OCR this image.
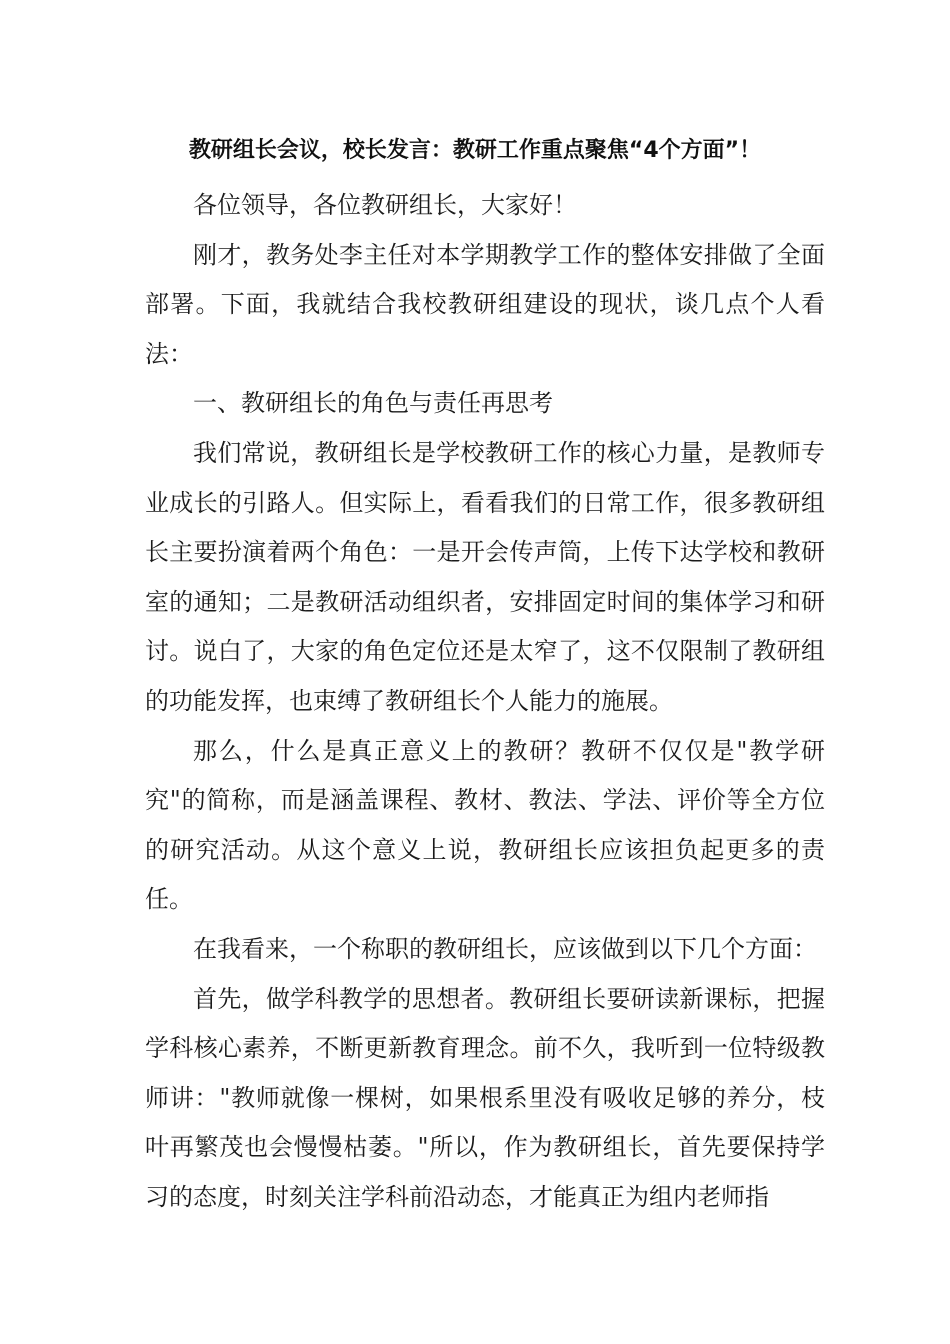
教研组长会议，校长发言：教研工作重点聚焦“4个方面”！

各位领导，各位教研组长，大家好！

刚才，教务处李主任对本学期教学工作的整体安排做了全面部署。下面，我就结合我校教研组建设的现状，谈几点个人看法：

一、教研组长的角色与责任再思考

我们常说，教研组长是学校教研工作的核心力量，是教师专业成长的引路人。但实际上，看看我们的日常工作，很多教研组长主要扮演着两个角色：一是开会传声筒，上传下达学校和教研室的通知；二是教研活动组织者，安排固定时间的集体学习和研讨。说白了，大家的角色定位还是太窄了，这不仅限制了教研组的功能发挥，也束缚了教研组长个人能力的施展。

那么，什么是真正意义上的教研？教研不仅仅是"教学研究"的简称，而是涵盖课程、教材、教法、学法、评价等全方位的研究活动。从这个意义上说，教研组长应该担负起更多的责任。

在我看来，一个称职的教研组长，应该做到以下几个方面：

首先，做学科教学的思想者。教研组长要研读新课标，把握学科核心素养，不断更新教育理念。前不久，我听到一位特级教师讲："教师就像一棵树，如果根系里没有吸收足够的养分，枝叶再繁茂也会慢慢枯萎。"所以，作为教研组长，首先要保持学习的态度，时刻关注学科前沿动态，才能真正为组内老师指
